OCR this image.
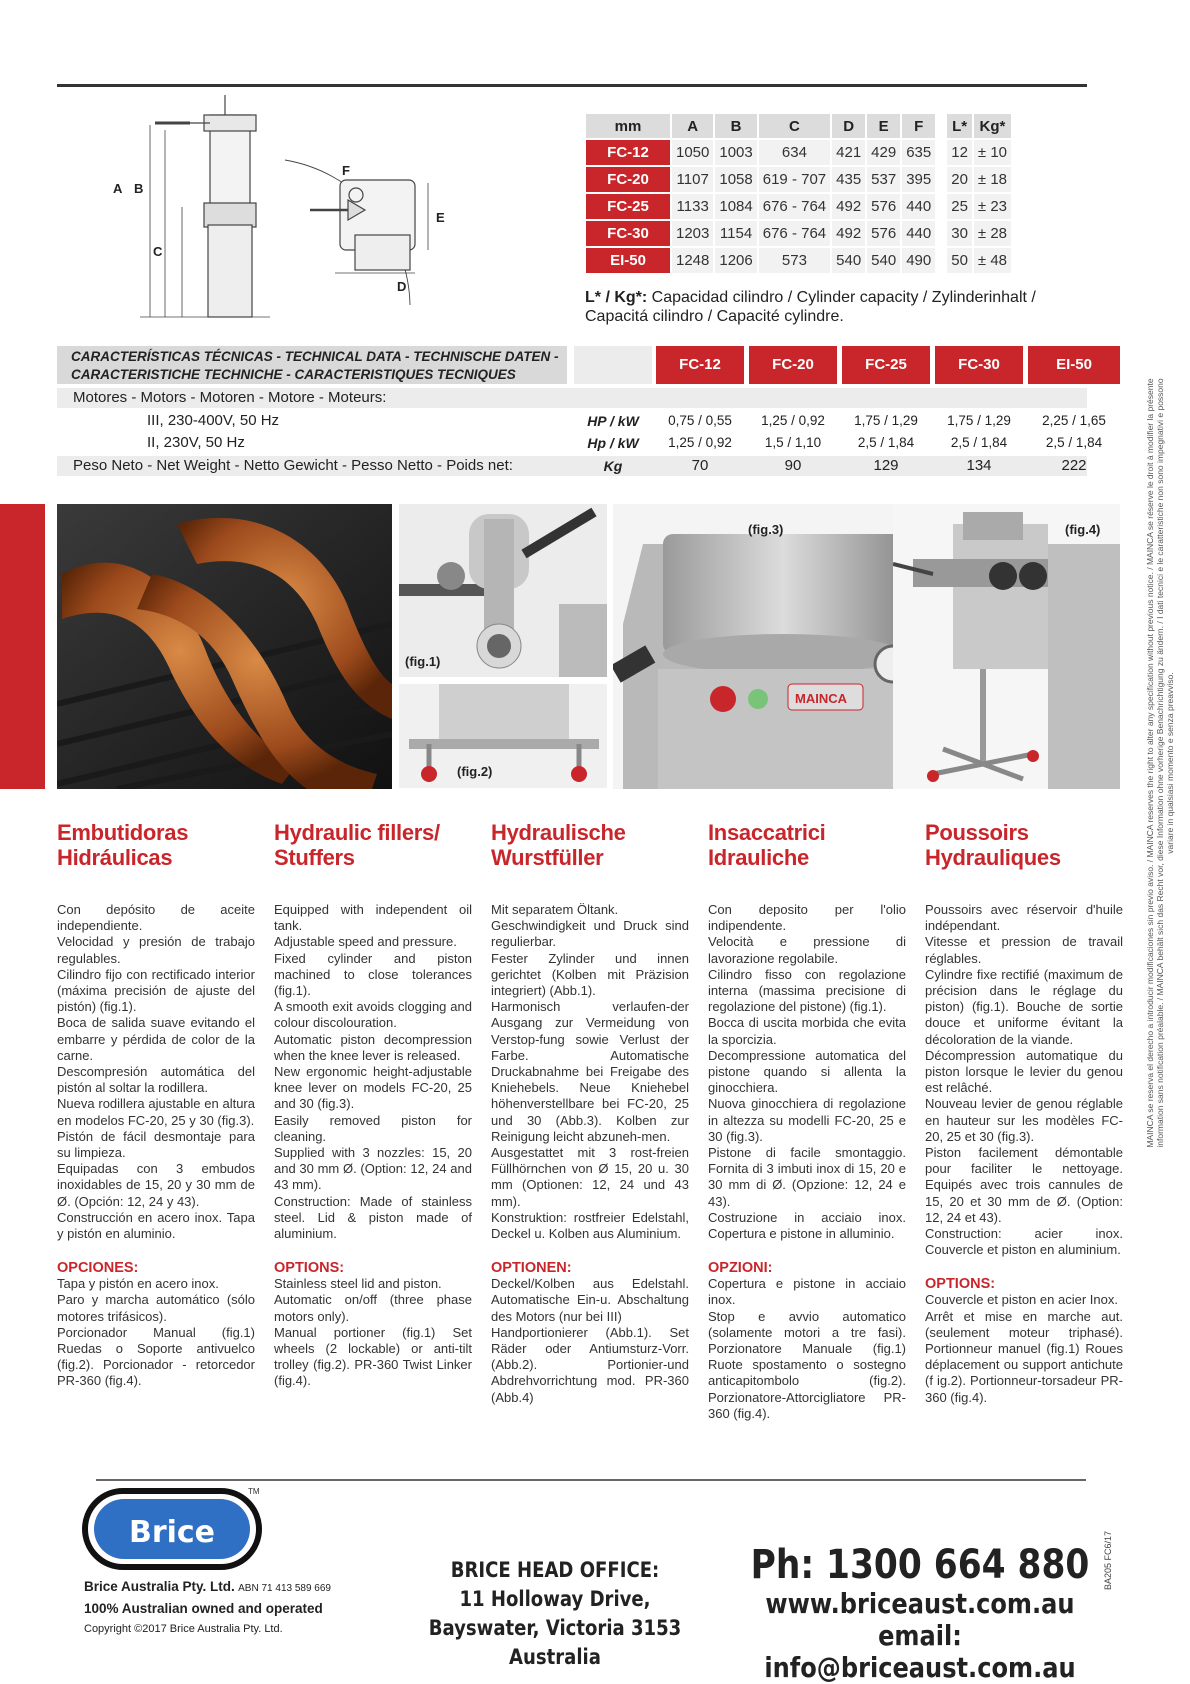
A B
C
D
E
F
mm	A	B	C	D	E	F		L*	Kg*
FC-12	1050	1003	634	421	429	635		12	± 10
FC-20	1107	1058	619 - 707	435	537	395		20	± 18
FC-25	1133	1084	676 - 764	492	576	440		25	± 23
FC-30	1203	1154	676 - 764	492	576	440		30	± 28
EI-50	1248	1206	573	540	540	490		50	± 48
L* / Kg*: Capacidad cilindro / Cylinder capacity / Zylinderinhalt / Capacitá cilindro / Capacité cylindre.
CARACTERÍSTICAS TÉCNICAS - TECHNICAL DATA - TECHNISCHE DATEN -
CARACTERISTICHE TECHNICHE - CARACTERISTIQUES TECNIQUES
FC-12	FC-20	FC-25	FC-30	EI-50
Motores - Motors - Motoren - Motore - Moteurs:
III, 230-400V, 50 Hz	HP / kW	0,75 / 0,55	1,25 / 0,92	1,75 / 1,29	1,75 / 1,29	2,25 / 1,65
II, 230V, 50 Hz	Hp / kW	1,25 / 0,92	1,5 / 1,10	2,5 / 1,84	2,5 / 1,84	2,5 / 1,84
Peso Neto - Net Weight - Netto Gewicht - Pesso Netto - Poids net:	Kg	70	90	129	134	222
(fig.1)
(fig.2)
MAINCA
(fig.3)	(fig.4)
Embutidoras Hidráulicas
Con depósito de aceite independiente.
Velocidad y presión de trabajo regulables.
Cilindro fijo con rectificado interior (máxima precisión de ajuste del pistón) (fig.1).
Boca de salida suave evitando el embarre y pérdida de color de la carne.
Descompresión automática del pistón al soltar la rodillera.
Nueva rodillera ajustable en altura en modelos FC-20, 25 y 30 (fig.3).
Pistón de fácil desmontaje para su limpieza.
Equipadas con 3 embudos inoxidables de 15, 20 y 30 mm de Ø. (Opción: 12, 24 y 43).
Construcción en acero inox. Tapa y pistón en aluminio.
OPCIONES:
Tapa y pistón en acero inox.
Paro y marcha automático (sólo motores trifásicos).
Porcionador Manual (fig.1) Ruedas o Soporte antivuelco (fig.2). Porcionador - retorcedor PR-360 (fig.4).
Hydraulic fillers/ Stuffers
Equipped with independent oil tank.
Adjustable speed and pressure.
Fixed cylinder and piston machined to close tolerances (fig.1).
A smooth exit avoids clogging and colour discolouration.
Automatic piston decompression when the knee lever is released.
New ergonomic height-adjustable knee lever on models FC-20, 25 and 30 (fig.3).
Easily removed piston for cleaning.
Supplied with 3 nozzles: 15, 20 and 30 mm Ø. (Option: 12, 24 and 43 mm).
Construction: Made of stainless steel. Lid & piston made of aluminium.
OPTIONS:
Stainless steel lid and piston.
Automatic on/off (three phase motors only).
Manual portioner (fig.1) Set wheels (2 lockable) or anti-tilt trolley (fig.2). PR-360 Twist Linker (fig.4).
Hydraulische Wurstfüller
Mit separatem Öltank.
Geschwindigkeit und Druck sind regulierbar.
Fester Zylinder und innen gerichtet (Kolben mit Präzision integriert) (Abb.1).
Harmonisch verlaufen-der Ausgang zur Vermeidung von Verstop-fung sowie Verlust der Farbe. Automatische Druckabnahme bei Freigabe des Kniehebels. Neue Kniehebel höhenverstellbare bei FC-20, 25 und 30 (Abb.3). Kolben zur Reinigung leicht abzuneh-men.
Ausgestattet mit 3 rost-freien Füllhörnchen von Ø 15, 20 u. 30 mm (Optionen: 12, 24 und 43 mm).
Konstruktion: rostfreier Edelstahl, Deckel u. Kolben aus Aluminium.
OPTIONEN:
Deckel/Kolben aus Edelstahl. Automatische Ein-u. Abschaltung des Motors (nur bei III)
Handportionierer (Abb.1). Set Räder oder Antiumsturz-Vorr. (Abb.2). Portionier-und Abdrehvorrichtung mod. PR-360 (Abb.4)
Insaccatrici Idrauliche
Con deposito per l'olio indipendente.
Velocità e pressione di lavorazione regolabile.
Cilindro fisso con regolazione interna (massima precisione di regolazione del pistone) (fig.1).
Bocca di uscita morbida che evita la sporcizia.
Decompressione automatica del pistone quando si allenta la ginocchiera.
Nuova ginocchiera di regolazione in altezza su modelli FC-20, 25 e 30 (fig.3).
Pistone di facile smontaggio. Fornita di 3 imbuti inox di 15, 20 e 30 mm di Ø. (Opzione: 12, 24 e 43).
Costruzione in acciaio inox. Copertura e pistone in alluminio.
OPZIONI:
Copertura e pistone in acciaio inox.
Stop e avvio automatico (solamente motori a tre fasi). Porzionatore Manuale (fig.1) Ruote spostamento o sostegno anticapitombolo (fig.2). Porzionatore-Attorcigliatore PR-360 (fig.4).
Poussoirs Hydrauliques
Poussoirs avec réservoir d'huile indépendant.
Vitesse et pression de travail réglables.
Cylindre fixe rectifié (maximum de précision dans le réglage du piston) (fig.1). Bouche de sortie douce et uniforme évitant la décoloration de la viande.
Décompression automatique du piston lorsque le levier du genou est relâché.
Nouveau levier de genou réglable en hauteur sur les modèles FC-20, 25 et 30 (fig.3).
Piston facilement démontable pour faciliter le nettoyage. Equipés avec trois cannules de 15, 20 et 30 mm de Ø. (Option: 12, 24 et 43).
Construction: acier inox. Couvercle et piston en aluminium.
OPTIONS:
Couvercle et piston en acier Inox.
Arrêt et mise en marche aut. (seulement moteur triphasé). Portionneur manuel (fig.1) Roues déplacement ou support antichute (f ig.2). Portionneur-torsadeur PR-360 (fig.4).
MAINCA se reserva el derecho a introducir modificaciones sin previo aviso. / MAINCA reserves the right to alter any specification without previous notice. / MAINCA se réserve le droit à modifier la présente information sans notification préalable. / MAINCA behält sich das Recht vor, diese Information ohne vorherige Benachrichtigung zu ändern. / I dati tecnici e le caratteristiche non sono impegnativi e possono variare in qualsiasi momento e senza preavviso.
Brice
TM
Brice Australia Pty. Ltd. ABN 71 413 589 669
100% Australian owned and operated
Copyright ©2017 Brice Australia Pty. Ltd.
BRICE HEAD OFFICE:
11 Holloway Drive,
Bayswater, Victoria 3153 Australia
Ph: 1300 664 880
www.briceaust.com.au
email: info@briceaust.com.au
BA205 FC6/17
